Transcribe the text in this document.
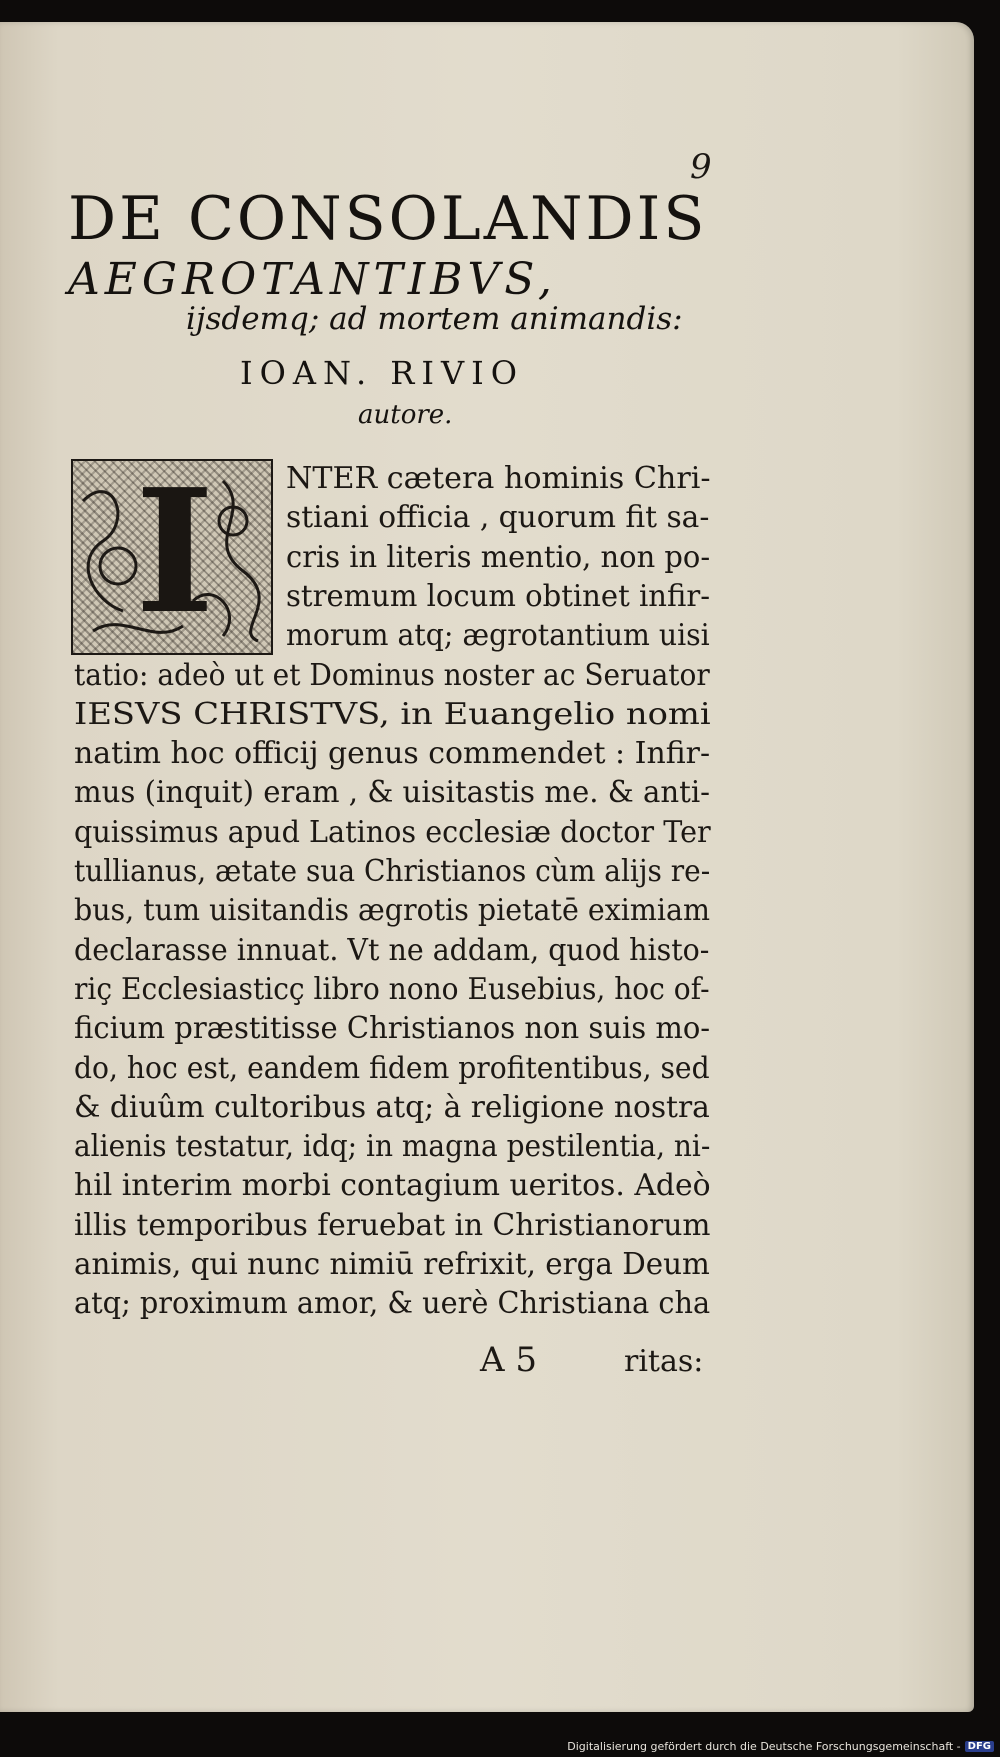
9
DE CONSOLANDIS
AEGROTANTIBVS,
ijsdemq; ad mortem animandis:
IOAN. RIVIO
autore.
I NTER cætera hominis Chri-
stiani officia , quorum fit sa-
cris in literis mentio, non po-
stremum locum obtinet infir-
morum atq; ægrotantium uisi
tatio: adeò ut et Dominus noster ac Seruator
IESVS CHRISTVS, in Euangelio nomi
natim hoc officij genus commendet : Infir-
mus (inquit) eram , & uisitastis me. & anti-
quissimus apud Latinos ecclesiæ doctor Ter
tullianus, ætate sua Christianos cùm alijs re-
bus, tum uisitandis ægrotis pietatē eximiam
declarasse innuat. Vt ne addam, quod histo-
riç Ecclesiasticç libro nono Eusebius, hoc of-
ficium præstitisse Christianos non suis mo-
do, hoc est, eandem fidem profitentibus, sed
& diuûm cultoribus atq; à religione nostra
alienis testatur, idq; in magna pestilentia, ni-
hil interim morbi contagium ueritos. Adeò
illis temporibus feruebat in Christianorum
animis, qui nunc nimiū refrixit, erga Deum
atq; proximum amor, & uerè Christiana cha
A 5	ritas:
Digitalisierung gefördert durch die Deutsche Forschungsgemeinschaft - DFG
